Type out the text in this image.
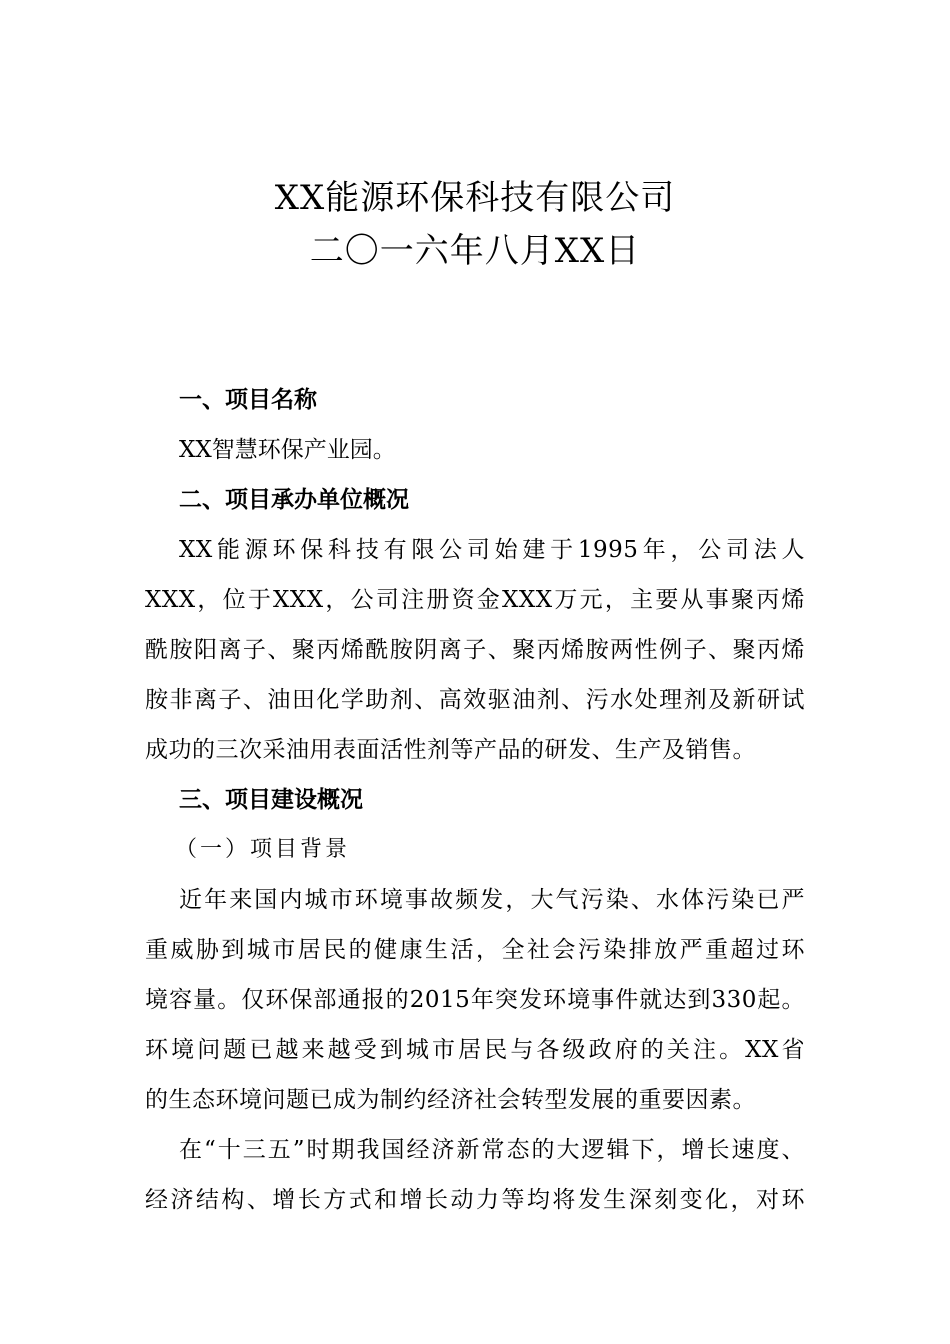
XX能源环保科技有限公司
二〇一六年八月XX日
一、项目名称
XX智慧环保产业园。
二、项目承办单位概况
XX能源环保科技有限公司始建于1995年，公司法人
XXX，位于XXX，公司注册资金XXX万元，主要从事聚丙烯
酰胺阳离子、聚丙烯酰胺阴离子、聚丙烯胺两性例子、聚丙烯
胺非离子、油田化学助剂、高效驱油剂、污水处理剂及新研试
成功的三次采油用表面活性剂等产品的研发、生产及销售。
三、项目建设概况
（一）项目背景
近年来国内城市环境事故频发，大气污染、水体污染已严
重威胁到城市居民的健康生活，全社会污染排放严重超过环
境容量。仅环保部通报的2015年突发环境事件就达到330起。
环境问题已越来越受到城市居民与各级政府的关注。XX省
的生态环境问题已成为制约经济社会转型发展的重要因素。
在“十三五”时期我国经济新常态的大逻辑下，增长速度、
经济结构、增长方式和增长动力等均将发生深刻变化，对环
